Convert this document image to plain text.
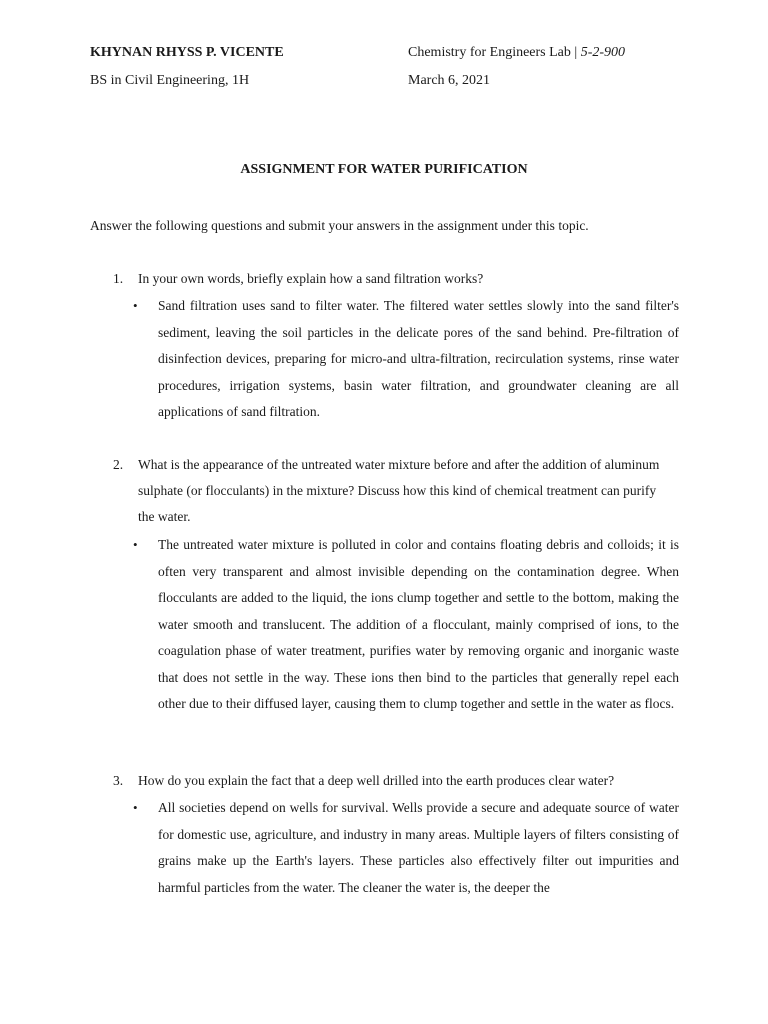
KHYNAN RHYSS P. VICENTE	Chemistry for Engineers Lab | 5-2-900
BS in Civil Engineering, 1H	March 6, 2021
ASSIGNMENT FOR WATER PURIFICATION
Answer the following questions and submit your answers in the assignment under this topic.
1. In your own words, briefly explain how a sand filtration works?
• Sand filtration uses sand to filter water. The filtered water settles slowly into the sand filter's sediment, leaving the soil particles in the delicate pores of the sand behind. Pre-filtration of disinfection devices, preparing for micro-and ultra-filtration, recirculation systems, rinse water procedures, irrigation systems, basin water filtration, and groundwater cleaning are all applications of sand filtration.
2. What is the appearance of the untreated water mixture before and after the addition of aluminum sulphate (or flocculants) in the mixture? Discuss how this kind of chemical treatment can purify the water.
• The untreated water mixture is polluted in color and contains floating debris and colloids; it is often very transparent and almost invisible depending on the contamination degree. When flocculants are added to the liquid, the ions clump together and settle to the bottom, making the water smooth and translucent. The addition of a flocculant, mainly comprised of ions, to the coagulation phase of water treatment, purifies water by removing organic and inorganic waste that does not settle in the way. These ions then bind to the particles that generally repel each other due to their diffused layer, causing them to clump together and settle in the water as flocs.
3. How do you explain the fact that a deep well drilled into the earth produces clear water?
• All societies depend on wells for survival. Wells provide a secure and adequate source of water for domestic use, agriculture, and industry in many areas. Multiple layers of filters consisting of grains make up the Earth's layers. These particles also effectively filter out impurities and harmful particles from the water. The cleaner the water is, the deeper the
